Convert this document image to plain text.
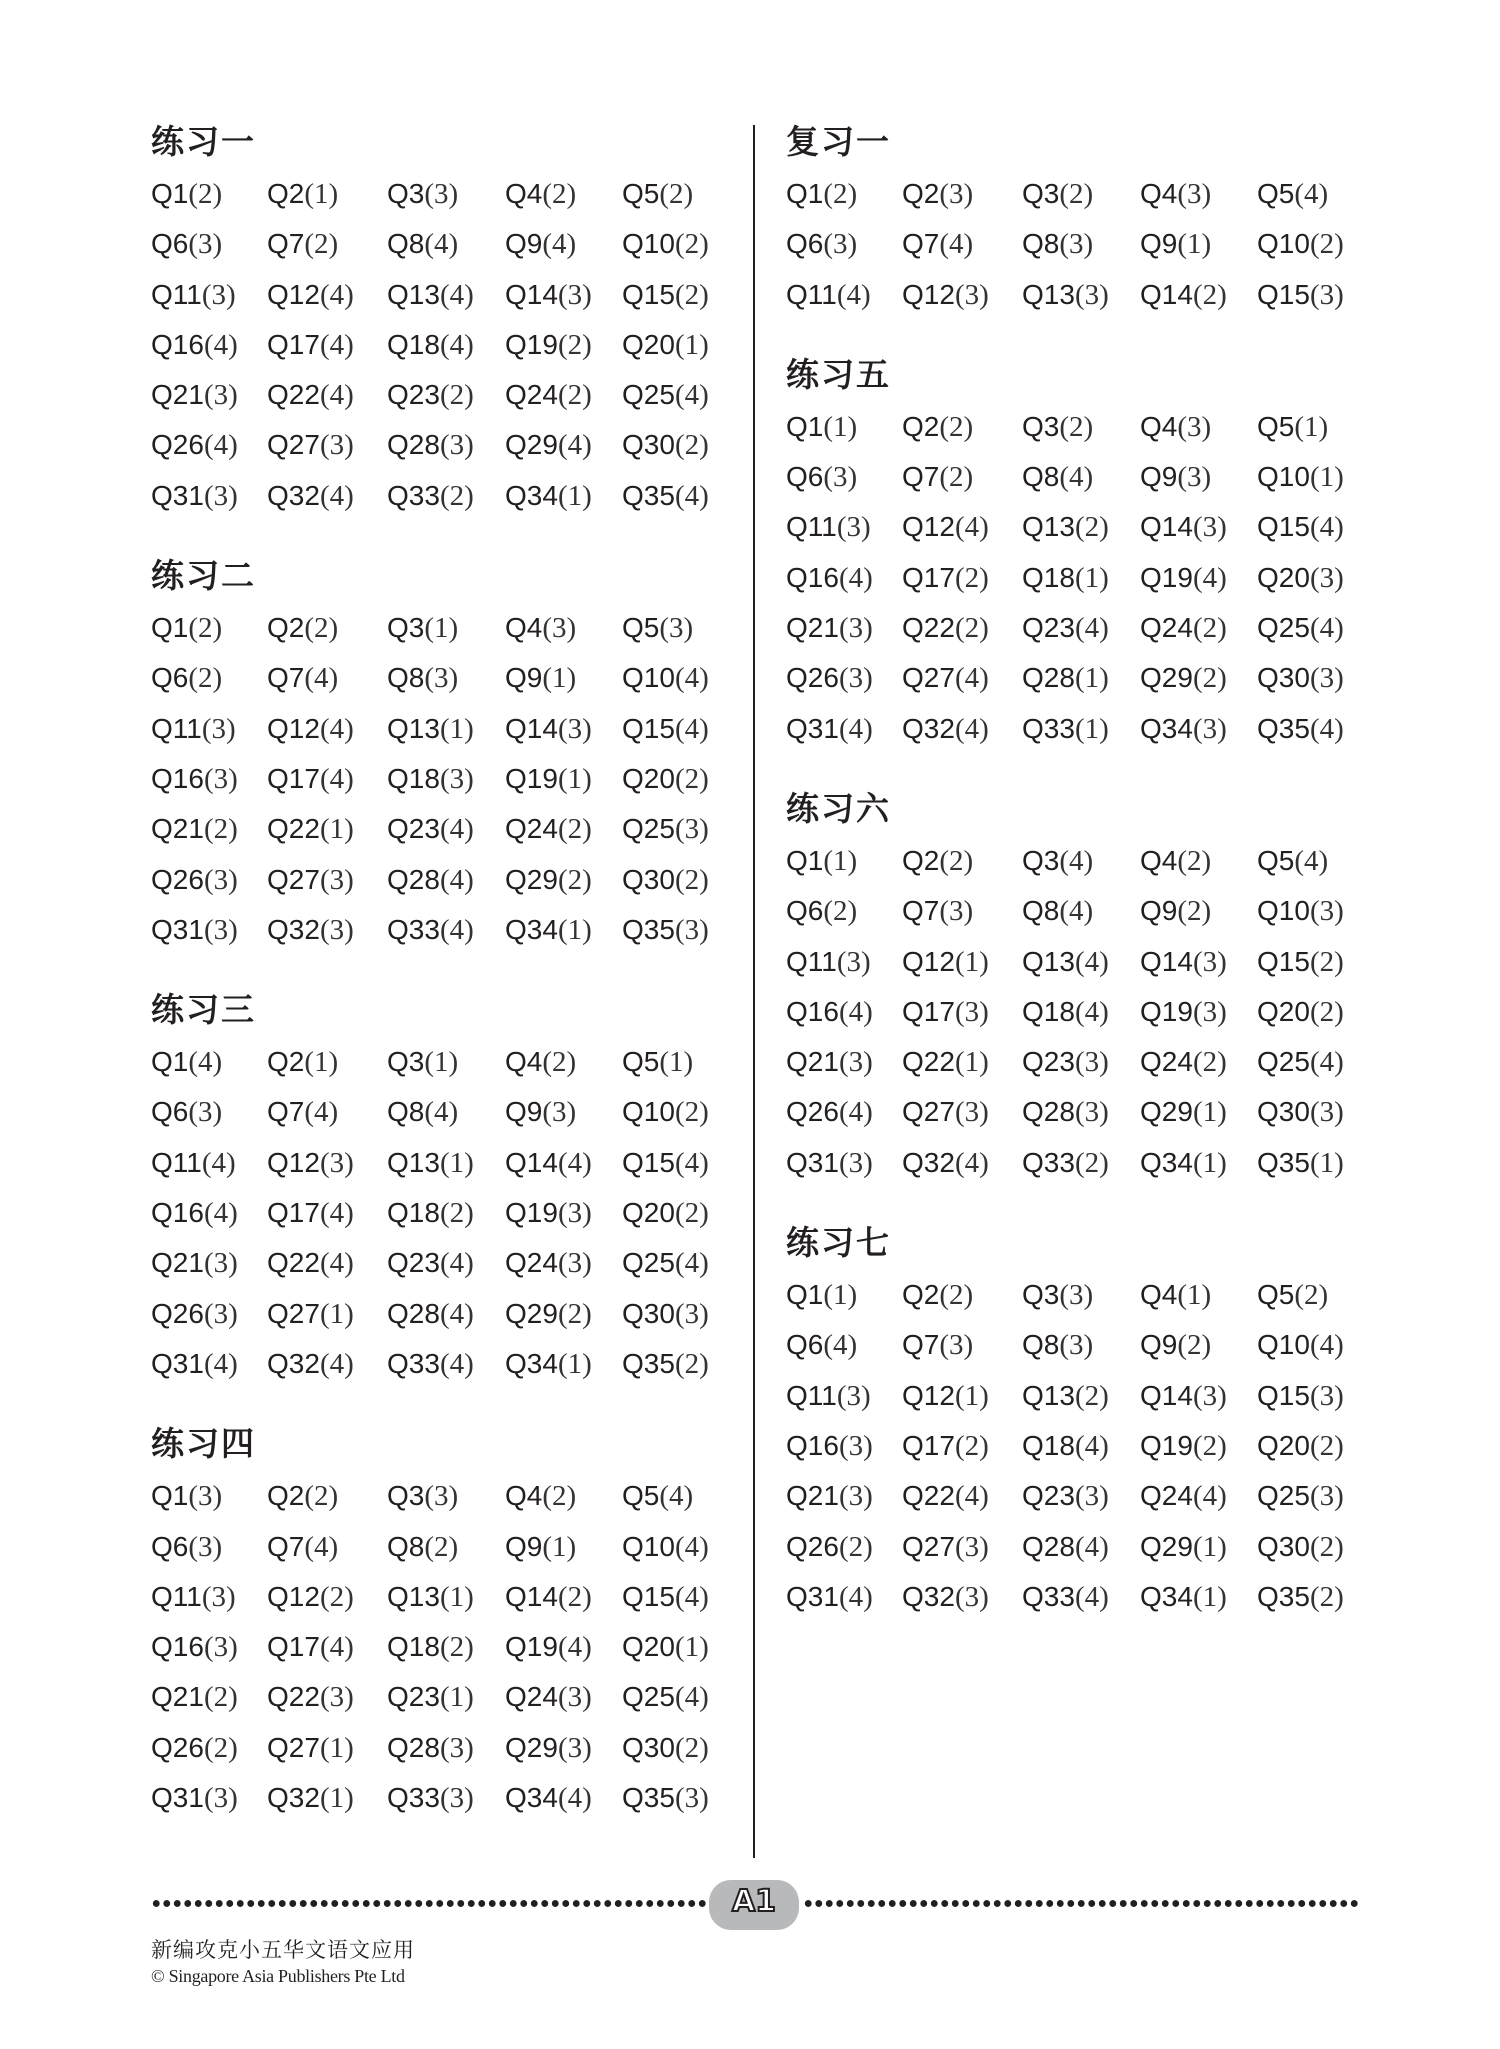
练习一
Q1(2)	Q2(1)	Q3(3)	Q4(2)	Q5(2)
Q6(3)	Q7(2)	Q8(4)	Q9(4)	Q10(2)
Q11(3)	Q12(4)	Q13(4)	Q14(3)	Q15(2)
Q16(4)	Q17(4)	Q18(4)	Q19(2)	Q20(1)
Q21(3)	Q22(4)	Q23(2)	Q24(2)	Q25(4)
Q26(4)	Q27(3)	Q28(3)	Q29(4)	Q30(2)
Q31(3)	Q32(4)	Q33(2)	Q34(1)	Q35(4)
练习二
Q1(2)	Q2(2)	Q3(1)	Q4(3)	Q5(3)
Q6(2)	Q7(4)	Q8(3)	Q9(1)	Q10(4)
Q11(3)	Q12(4)	Q13(1)	Q14(3)	Q15(4)
Q16(3)	Q17(4)	Q18(3)	Q19(1)	Q20(2)
Q21(2)	Q22(1)	Q23(4)	Q24(2)	Q25(3)
Q26(3)	Q27(3)	Q28(4)	Q29(2)	Q30(2)
Q31(3)	Q32(3)	Q33(4)	Q34(1)	Q35(3)
练习三
Q1(4)	Q2(1)	Q3(1)	Q4(2)	Q5(1)
Q6(3)	Q7(4)	Q8(4)	Q9(3)	Q10(2)
Q11(4)	Q12(3)	Q13(1)	Q14(4)	Q15(4)
Q16(4)	Q17(4)	Q18(2)	Q19(3)	Q20(2)
Q21(3)	Q22(4)	Q23(4)	Q24(3)	Q25(4)
Q26(3)	Q27(1)	Q28(4)	Q29(2)	Q30(3)
Q31(4)	Q32(4)	Q33(4)	Q34(1)	Q35(2)
练习四
Q1(3)	Q2(2)	Q3(3)	Q4(2)	Q5(4)
Q6(3)	Q7(4)	Q8(2)	Q9(1)	Q10(4)
Q11(3)	Q12(2)	Q13(1)	Q14(2)	Q15(4)
Q16(3)	Q17(4)	Q18(2)	Q19(4)	Q20(1)
Q21(2)	Q22(3)	Q23(1)	Q24(3)	Q25(4)
Q26(2)	Q27(1)	Q28(3)	Q29(3)	Q30(2)
Q31(3)	Q32(1)	Q33(3)	Q34(4)	Q35(3)
复习一
Q1(2)	Q2(3)	Q3(2)	Q4(3)	Q5(4)
Q6(3)	Q7(4)	Q8(3)	Q9(1)	Q10(2)
Q11(4)	Q12(3)	Q13(3)	Q14(2)	Q15(3)
练习五
Q1(1)	Q2(2)	Q3(2)	Q4(3)	Q5(1)
Q6(3)	Q7(2)	Q8(4)	Q9(3)	Q10(1)
Q11(3)	Q12(4)	Q13(2)	Q14(3)	Q15(4)
Q16(4)	Q17(2)	Q18(1)	Q19(4)	Q20(3)
Q21(3)	Q22(2)	Q23(4)	Q24(2)	Q25(4)
Q26(3)	Q27(4)	Q28(1)	Q29(2)	Q30(3)
Q31(4)	Q32(4)	Q33(1)	Q34(3)	Q35(4)
练习六
Q1(1)	Q2(2)	Q3(4)	Q4(2)	Q5(4)
Q6(2)	Q7(3)	Q8(4)	Q9(2)	Q10(3)
Q11(3)	Q12(1)	Q13(4)	Q14(3)	Q15(2)
Q16(4)	Q17(3)	Q18(4)	Q19(3)	Q20(2)
Q21(3)	Q22(1)	Q23(3)	Q24(2)	Q25(4)
Q26(4)	Q27(3)	Q28(3)	Q29(1)	Q30(3)
Q31(3)	Q32(4)	Q33(2)	Q34(1)	Q35(1)
练习七
Q1(1)	Q2(2)	Q3(3)	Q4(1)	Q5(2)
Q6(4)	Q7(3)	Q8(3)	Q9(2)	Q10(4)
Q11(3)	Q12(1)	Q13(2)	Q14(3)	Q15(3)
Q16(3)	Q17(2)	Q18(4)	Q19(2)	Q20(2)
Q21(3)	Q22(4)	Q23(3)	Q24(4)	Q25(3)
Q26(2)	Q27(3)	Q28(4)	Q29(1)	Q30(2)
Q31(4)	Q32(3)	Q33(4)	Q34(1)	Q35(2)
A1
新编攻克小五华文语文应用
© Singapore Asia Publishers Pte Ltd
